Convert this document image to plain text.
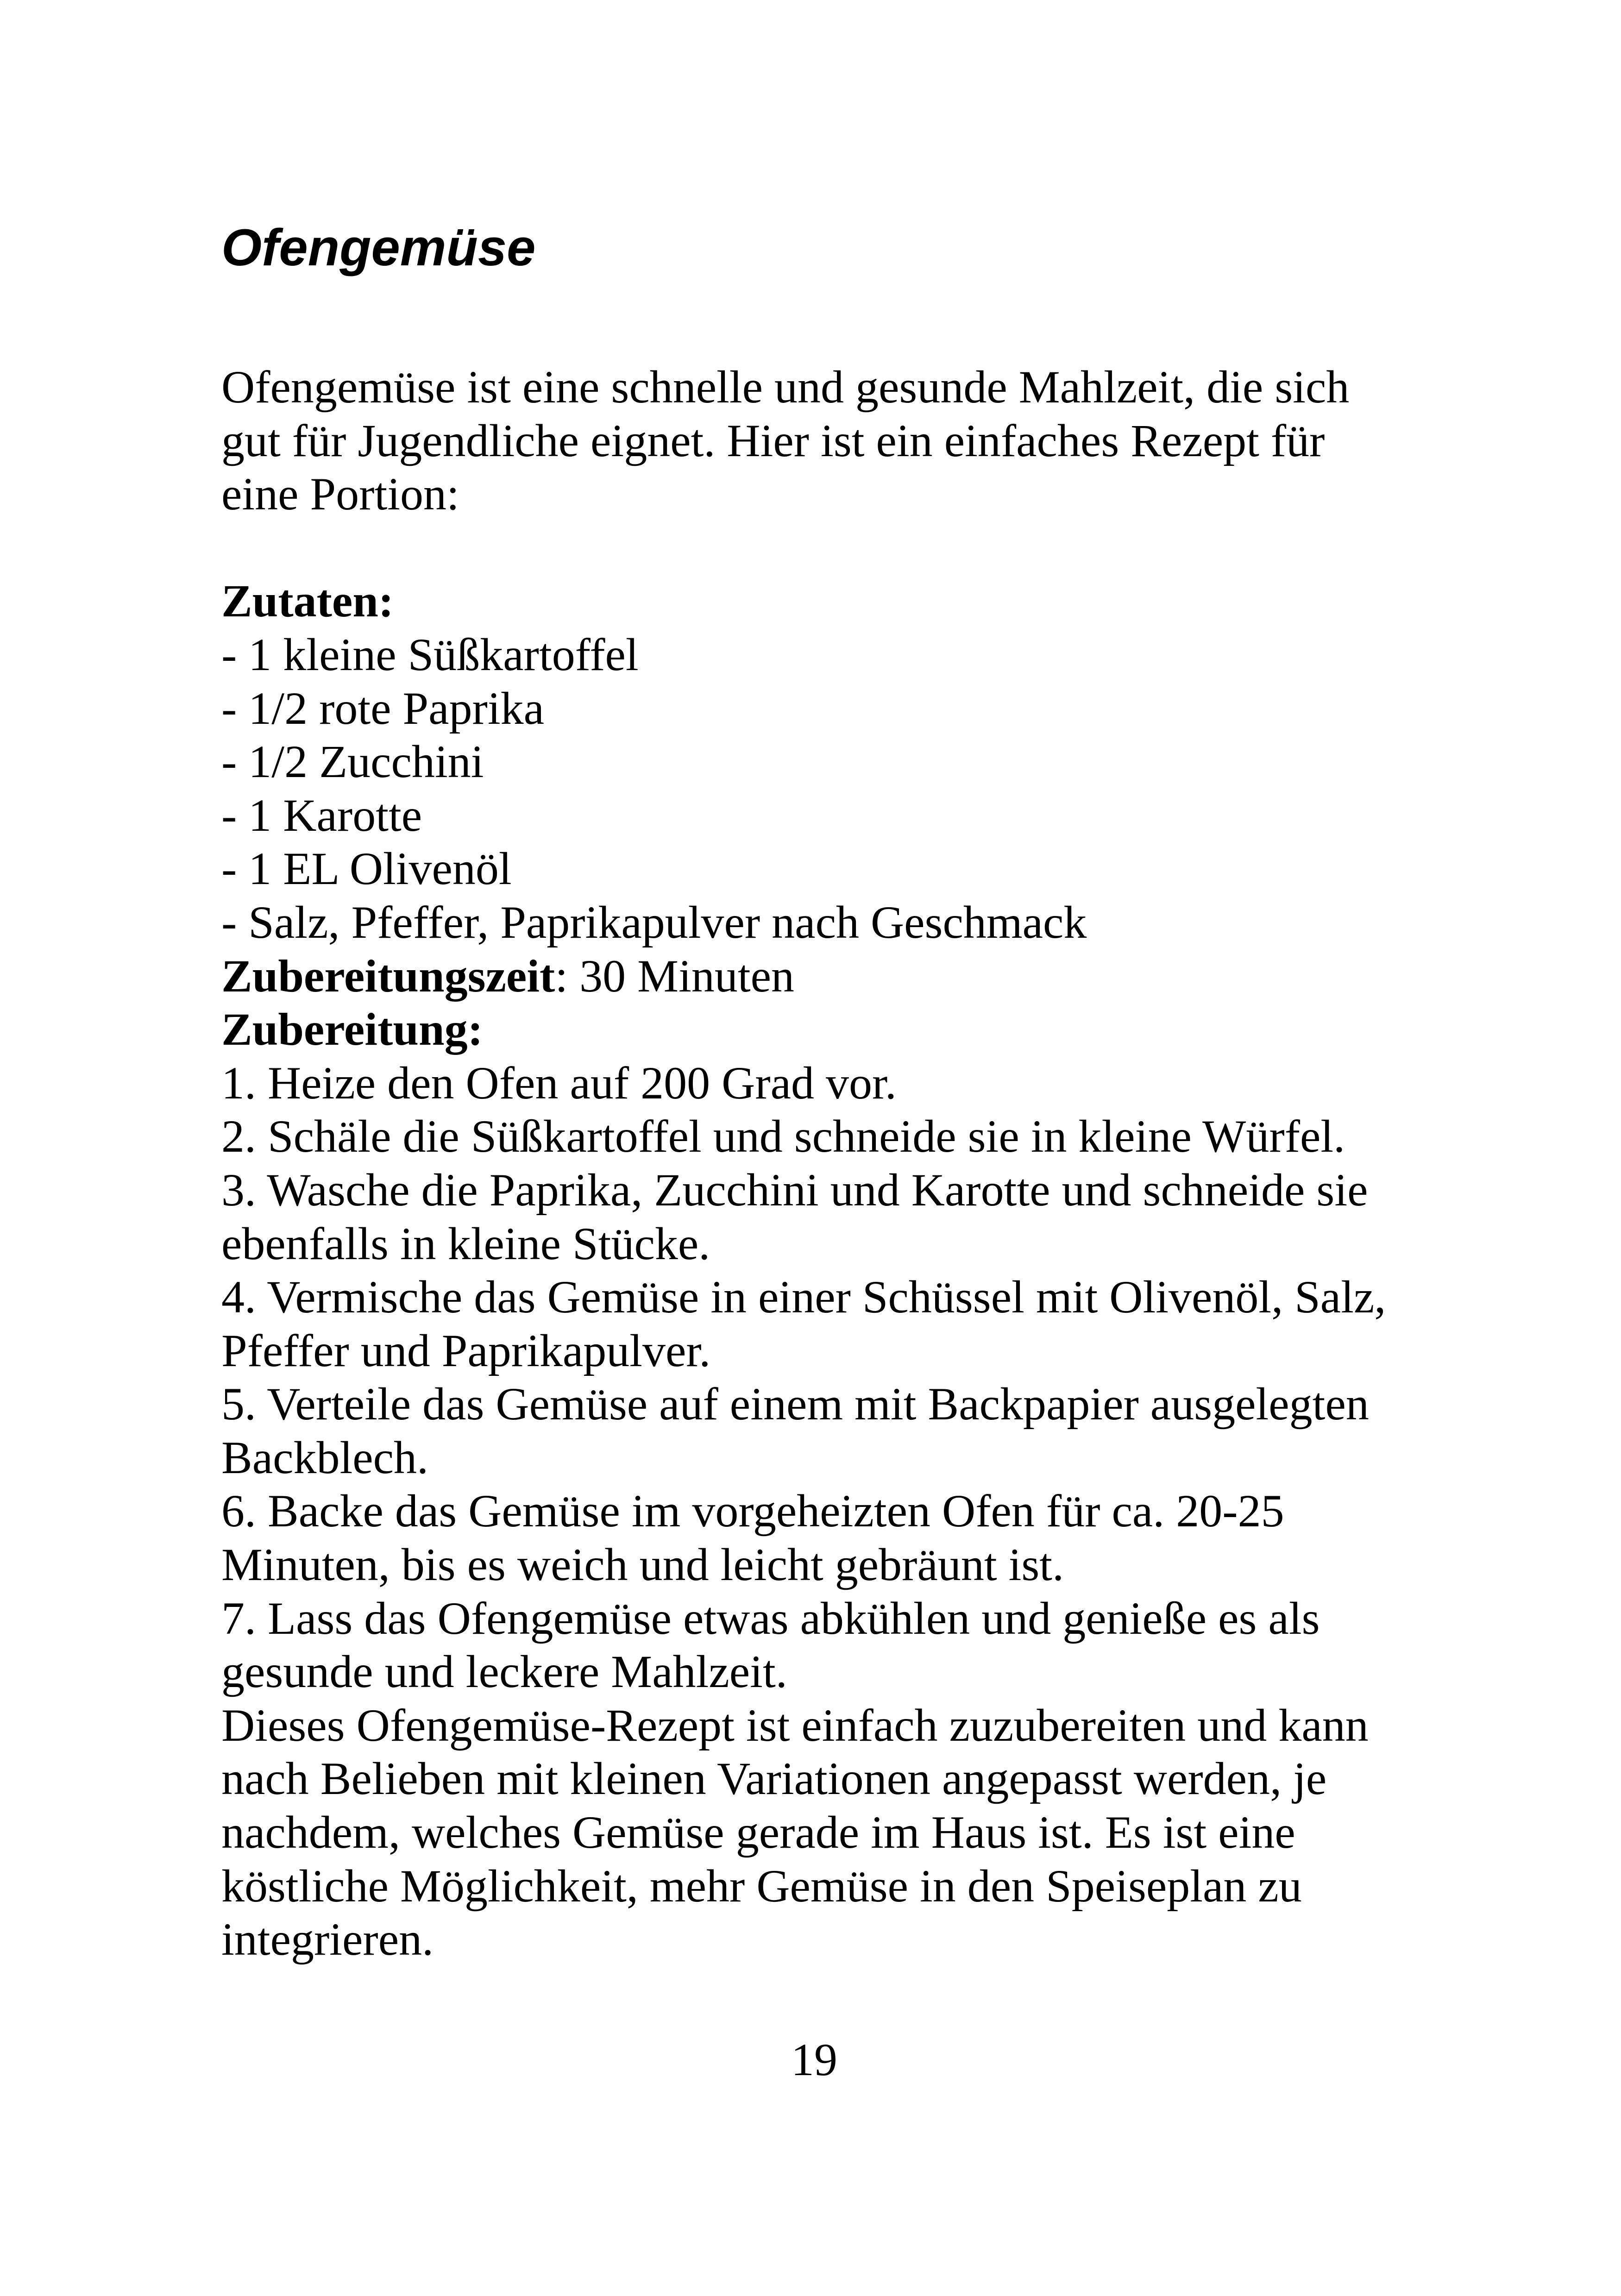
Ofengemüse

Ofengemüse ist eine schnelle und gesunde Mahlzeit, die sich gut für Jugendliche eignet. Hier ist ein einfaches Rezept für eine Portion:

Zutaten:

- 1 kleine Süßkartoffel
- 1/2 rote Paprika
- 1/2 Zucchini
- 1 Karotte
- 1 EL Olivenöl
- Salz, Pfeffer, Paprikapulver nach Geschmack

Zubereitungszeit: 30 Minuten

Zubereitung:

1. Heize den Ofen auf 200 Grad vor.

2. Schäle die Süßkartoffel und schneide sie in kleine Würfel.

3. Wasche die Paprika, Zucchini und Karotte und schneide sie ebenfalls in kleine Stücke.

4. Vermische das Gemüse in einer Schüssel mit Olivenöl, Salz, Pfeffer und Paprikapulver.

5. Verteile das Gemüse auf einem mit Backpapier ausgelegten Backblech.

6. Backe das Gemüse im vorgeheizten Ofen für ca. 20-25 Minuten, bis es weich und leicht gebräunt ist.

7. Lass das Ofengemüse etwas abkühlen und genieße es als gesunde und leckere Mahlzeit.

Dieses Ofengemüse-Rezept ist einfach zuzubereiten und kann nach Belieben mit kleinen Variationen angepasst werden, je nachdem, welches Gemüse gerade im Haus ist. Es ist eine köstliche Möglichkeit, mehr Gemüse in den Speiseplan zu integrieren.

19
